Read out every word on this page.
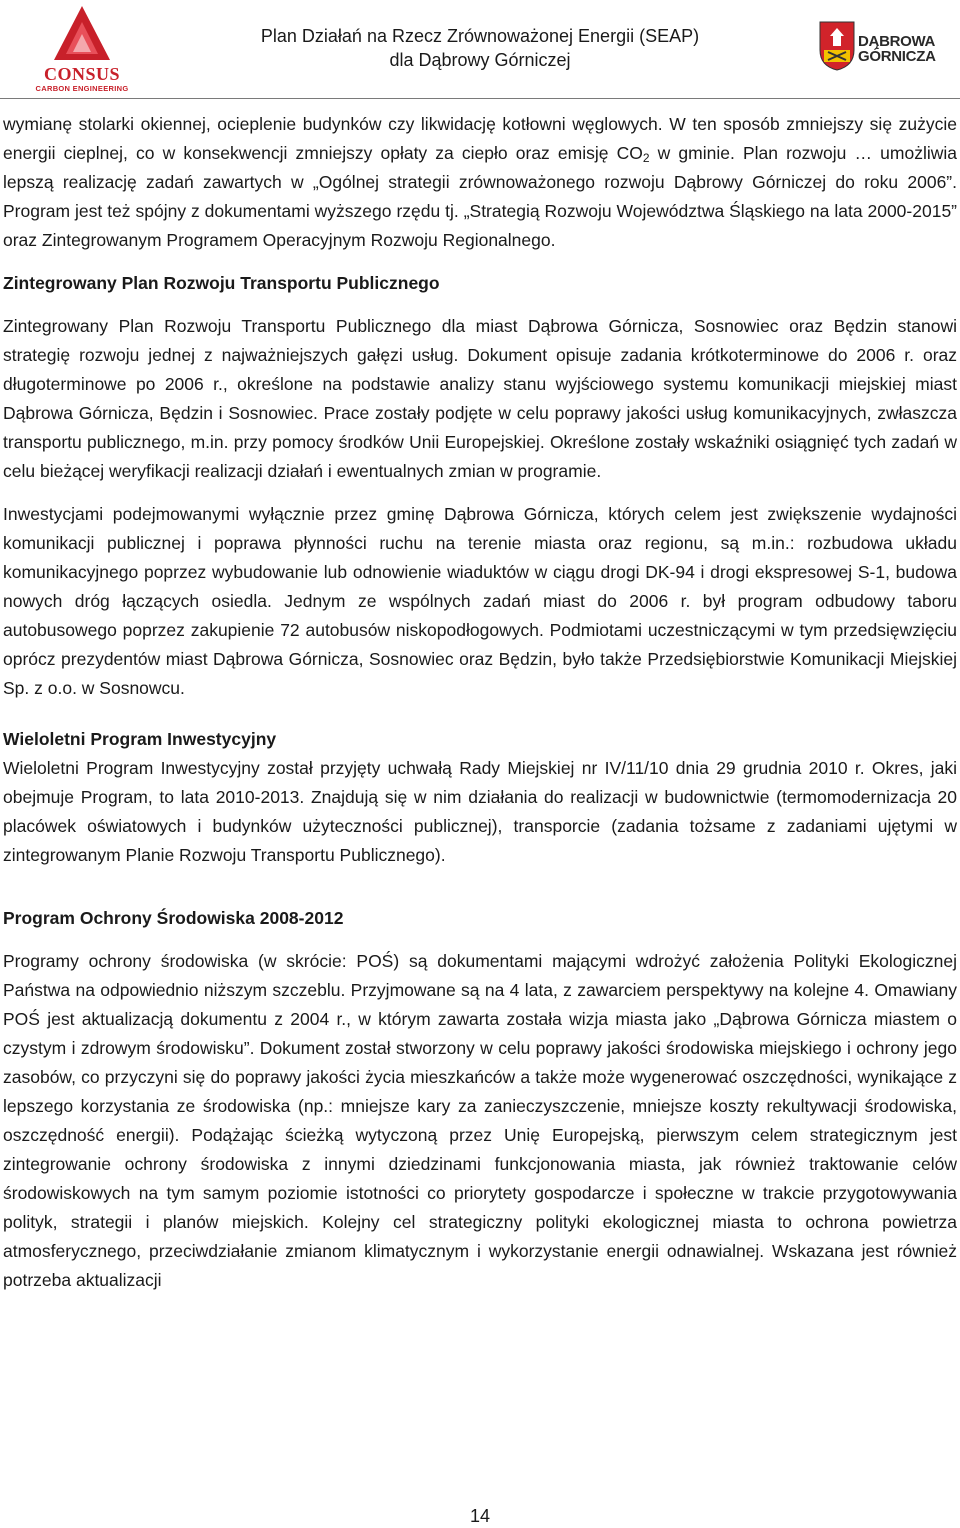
CONSUS
CARBON ENGINEERING
Plan Działań na Rzecz Zrównoważonej Energii (SEAP)
dla Dąbrowy Górniczej
DĄBROWA
GÓRNICZA

wymianę stolarki okiennej, ocieplenie budynków czy likwidację kotłowni węglowych. W ten sposób zmniejszy się zużycie energii cieplnej, co w konsekwencji zmniejszy opłaty za ciepło oraz emisję $CO_2$ w gminie. Plan rozwoju … umożliwia lepszą realizację zadań zawartych w „Ogólnej strategii zrównoważonego rozwoju Dąbrowy Górniczej do roku 2006”. Program jest też spójny z dokumentami wyższego rzędu tj. „Strategią Rozwoju Województwa Śląskiego na lata 2000-2015” oraz Zintegrowanym Programem Operacyjnym Rozwoju Regionalnego.

Zintegrowany Plan Rozwoju Transportu Publicznego

Zintegrowany Plan Rozwoju Transportu Publicznego dla miast Dąbrowa Górnicza, Sosnowiec oraz Będzin stanowi strategię rozwoju jednej z najważniejszych gałęzi usług. Dokument opisuje zadania krótkoterminowe do 2006 r. oraz długoterminowe po 2006 r., określone na podstawie analizy stanu wyjściowego systemu komunikacji miejskiej miast Dąbrowa Górnicza, Będzin i Sosnowiec. Prace zostały podjęte w celu poprawy jakości usług komunikacyjnych, zwłaszcza transportu publicznego, m.in. przy pomocy środków Unii Europejskiej. Określone zostały wskaźniki osiągnięć tych zadań w celu bieżącej weryfikacji realizacji działań i ewentualnych zmian w programie.

Inwestycjami podejmowanymi wyłącznie przez gminę Dąbrowa Górnicza, których celem jest zwiększenie wydajności komunikacji publicznej i poprawa płynności ruchu na terenie miasta oraz regionu, są m.in.: rozbudowa układu komunikacyjnego poprzez wybudowanie lub odnowienie wiaduktów w ciągu drogi DK-94 i drogi ekspresowej S-1, budowa nowych dróg łączących osiedla. Jednym ze wspólnych zadań miast do 2006 r. był program odbudowy taboru autobusowego poprzez zakupienie 72 autobusów niskopodłogowych. Podmiotami uczestniczącymi w tym przedsięwzięciu oprócz prezydentów miast Dąbrowa Górnicza, Sosnowiec oraz Będzin, było także Przedsiębiorstwie Komunikacji Miejskiej Sp. z o.o. w Sosnowcu.

Wieloletni Program Inwestycyjny

Wieloletni Program Inwestycyjny został przyjęty uchwałą Rady Miejskiej nr IV/11/10 dnia 29 grudnia 2010 r. Okres, jaki obejmuje Program, to lata 2010-2013. Znajdują się w nim działania do realizacji w budownictwie (termomodernizacja 20 placówek oświatowych i budynków użyteczności publicznej), transporcie (zadania tożsame z zadaniami ujętymi w zintegrowanym Planie Rozwoju Transportu Publicznego).

Program Ochrony Środowiska 2008-2012

Programy ochrony środowiska (w skrócie: POŚ) są dokumentami mającymi wdrożyć założenia Polityki Ekologicznej Państwa na odpowiednio niższym szczeblu. Przyjmowane są na 4 lata, z zawarciem perspektywy na kolejne 4. Omawiany POŚ jest aktualizacją dokumentu z 2004 r., w którym zawarta została wizja miasta jako „Dąbrowa Górnicza miastem o czystym i zdrowym środowisku”. Dokument został stworzony w celu poprawy jakości środowiska miejskiego i ochrony jego zasobów, co przyczyni się do poprawy jakości życia mieszkańców a także może wygenerować oszczędności, wynikające z lepszego korzystania ze środowiska (np.: mniejsze kary za zanieczyszczenie, mniejsze koszty rekultywacji środowiska, oszczędność energii). Podążając ścieżką wytyczoną przez Unię Europejską, pierwszym celem strategicznym jest zintegrowanie ochrony środowiska z innymi dziedzinami funkcjonowania miasta, jak również traktowanie celów środowiskowych na tym samym poziomie istotności co priorytety gospodarcze i społeczne w trakcie przygotowywania polityk, strategii i planów miejskich. Kolejny cel strategiczny polityki ekologicznej miasta to ochrona powietrza atmosferycznego, przeciwdziałanie zmianom klimatycznym i wykorzystanie energii odnawialnej. Wskazana jest również potrzeba aktualizacji

14
